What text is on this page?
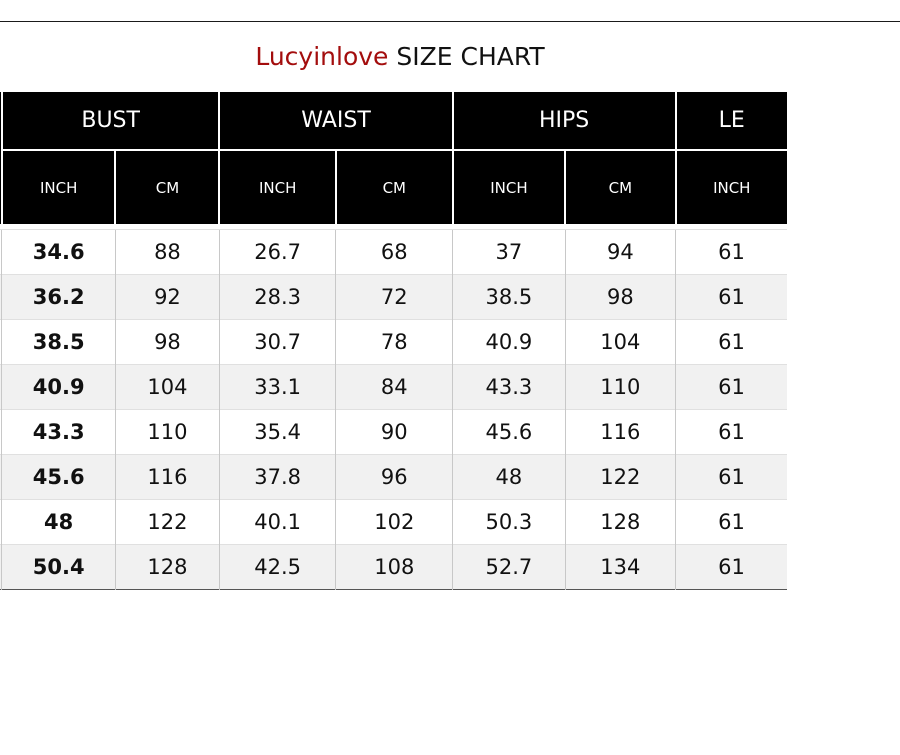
Lucyinlove SIZE CHART
	BUST		WAIST		HIPS		LE
	INCH	CM	INCH	CM	INCH	CM	INCH

	34.6	88	26.7	68	37	94	61
	36.2	92	28.3	72	38.5	98	61
	38.5	98	30.7	78	40.9	104	61
	40.9	104	33.1	84	43.3	110	61
	43.3	110	35.4	90	45.6	116	61
	45.6	116	37.8	96	48	122	61
	48	122	40.1	102	50.3	128	61
	50.4	128	42.5	108	52.7	134	61
